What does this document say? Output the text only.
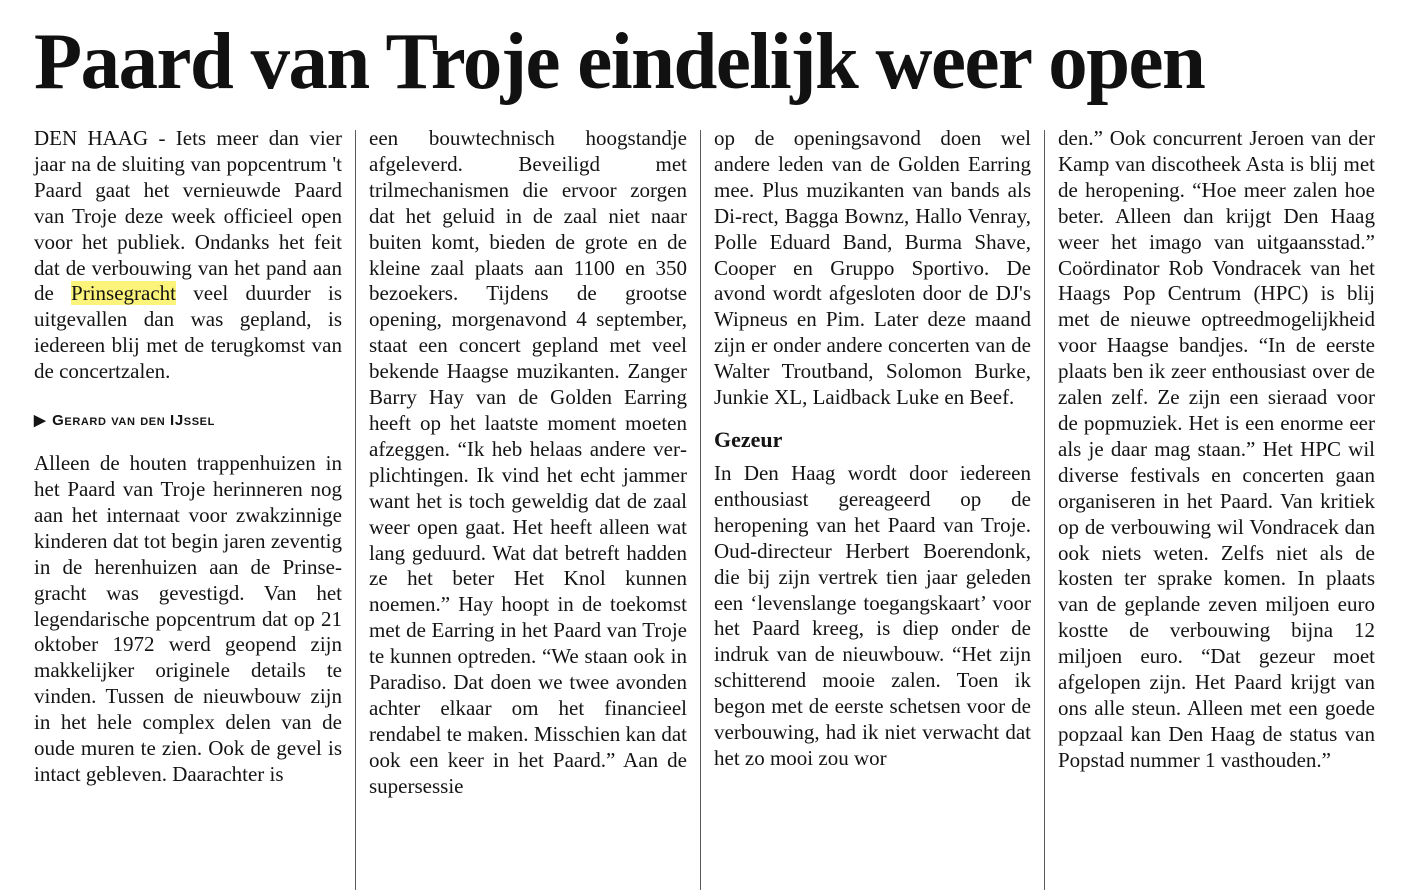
Paard van Troje eindelijk weer open

DEN HAAG - Iets meer dan vier jaar na de sluiting van popcentrum 't Paard gaat het vernieuwde Paard van Troje deze week officieel open voor het publiek. Ondanks het feit dat de verbouwing van het pand aan de Prinsegracht veel duurder is uitgevallen dan was gepland, is iedereen blij met de terugkomst van de concertzalen.

▶ Gerard van den IJssel

Alleen de houten trappenhuizen in het Paard van Troje herinneren nog aan het internaat voor zwakzinnige kinderen dat tot begin jaren zeventig in de herenhuizen aan de Prinsegracht was gevestigd. Van het legendarische popcentrum dat op 21 oktober 1972 werd geopend zijn makkelijker originele details te vinden. Tussen de nieuwbouw zijn in het hele complex delen van de oude muren te zien. Ook de gevel is intact gebleven. Daarachter is

een bouwtechnisch hoogstandje afgeleverd. Beveiligd met trilmechanismen die ervoor zorgen dat het geluid in de zaal niet naar buiten komt, bieden de grote en de kleine zaal plaats aan 1100 en 350 bezoekers. Tijdens de grootse opening, morgenavond 4 september, staat een concert gepland met veel bekende Haagse muzikanten. Zanger Barry Hay van de Golden Earring heeft op het laatste moment moeten afzeggen. “Ik heb helaas andere verplichtingen. Ik vind het echt jammer want het is toch geweldig dat de zaal weer open gaat. Het heeft alleen wat lang geduurd. Wat dat betreft hadden ze het beter Het Knol kunnen noemen.” Hay hoopt in de toekomst met de Earring in het Paard van Troje te kunnen optreden. “We staan ook in Paradiso. Dat doen we twee avonden achter elkaar om het financieel rendabel te maken. Misschien kan dat ook een keer in het Paard.” Aan de supersessie

op de openingsavond doen wel andere leden van de Golden Earring mee. Plus muzikanten van bands als Di-rect, Bagga Bownz, Hallo Venray, Polle Eduard Band, Burma Shave, Cooper en Gruppo Sportivo. De avond wordt afgesloten door de DJ's Wipneus en Pim. Later deze maand zijn er onder andere concerten van de Walter Troutband, Solomon Burke, Junkie XL, Laidback Luke en Beef.

Gezeur

In Den Haag wordt door iedereen enthousiast gereageerd op de heropening van het Paard van Troje. Oud-directeur Herbert Boerendonk, die bij zijn vertrek tien jaar geleden een ‘levenslange toegangskaart’ voor het Paard kreeg, is diep onder de indruk van de nieuwbouw. “Het zijn schitterend mooie zalen. Toen ik begon met de eerste schetsen voor de verbouwing, had ik niet verwacht dat het zo mooi zou wor

den.” Ook concurrent Jeroen van der Kamp van discotheek Asta is blij met de heropening. “Hoe meer zalen hoe beter. Alleen dan krijgt Den Haag weer het imago van uitgaansstad.” Coördinator Rob Vondracek van het Haags Pop Centrum (HPC) is blij met de nieuwe optreedmogelijkheid voor Haagse bandjes. “In de eerste plaats ben ik zeer enthousiast over de zalen zelf. Ze zijn een sieraad voor de popmuziek. Het is een enorme eer als je daar mag staan.” Het HPC wil diverse festivals en concerten gaan organiseren in het Paard. Van kritiek op de verbouwing wil Vondracek dan ook niets weten. Zelfs niet als de kosten ter sprake komen. In plaats van de geplande zeven miljoen euro kostte de verbouwing bijna 12 miljoen euro. “Dat gezeur moet afgelopen zijn. Het Paard krijgt van ons alle steun. Alleen met een goede popzaal kan Den Haag de status van Popstad nummer 1 vasthouden.”
